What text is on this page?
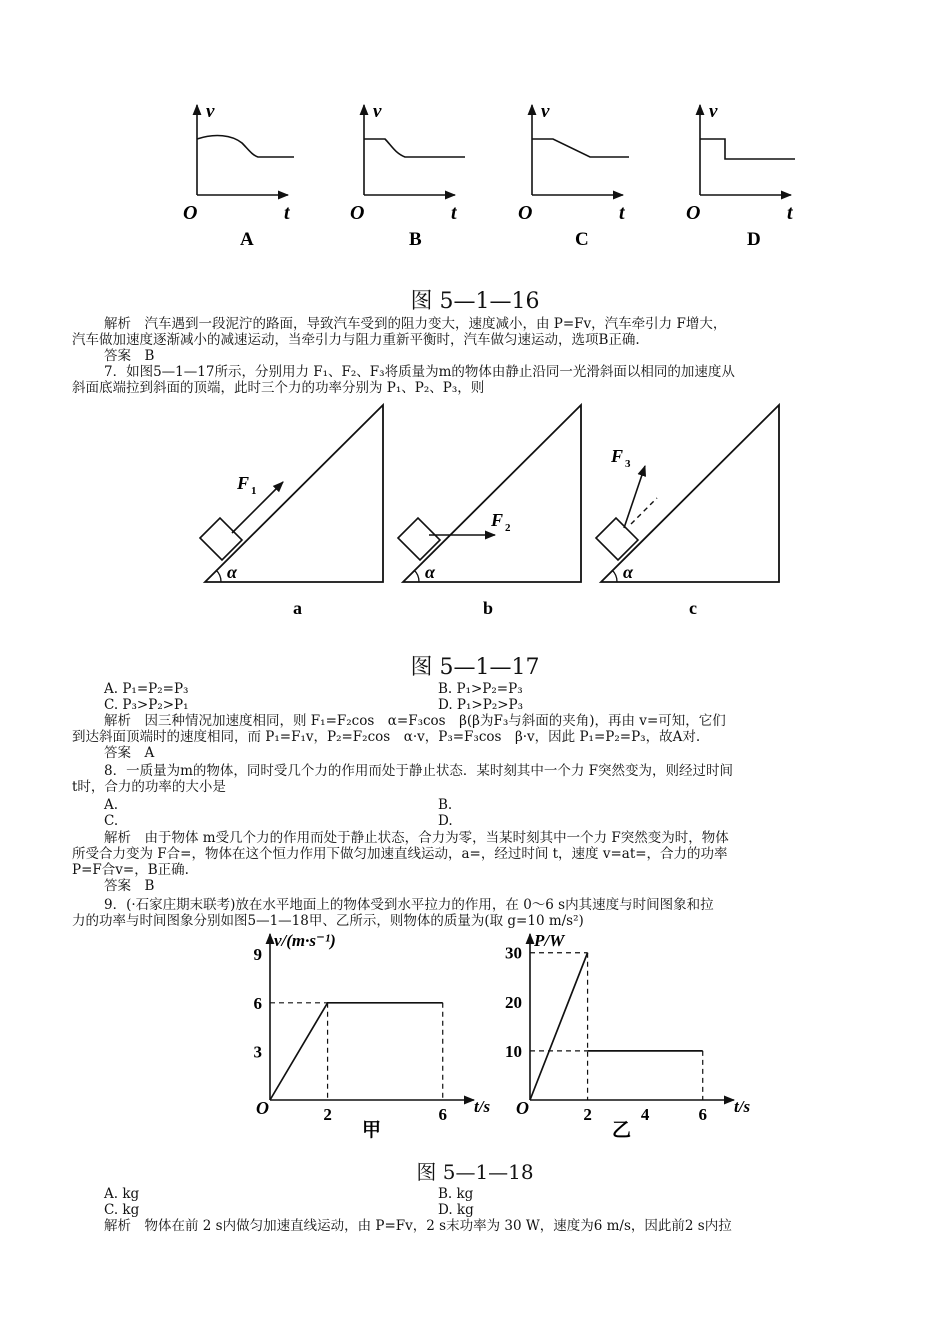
v
O	t
A
v
O	t
B
v
O	t
C
v
O	t
D
图 5—1—16
解析　汽车遇到一段泥泞的路面，导致汽车受到的阻力变大，速度减小，由 P=Fv，汽车牵引力 F增大，
汽车做加速度逐渐减小的减速运动，当牵引力与阻力重新平衡时，汽车做匀速运动，选项B正确.
答案　B
7．如图5—1—17所示，分别用力 F₁、F₂、F₃将质量为m的物体由静止沿同一光滑斜面以相同的加速度从
斜面底端拉到斜面的顶端，此时三个力的功率分别为 P₁、P₂、P₃，则
F 1
α
a
F 2
α
b
F 3
α
c
图 5—1—17
A. P₁=P₂=P₃	B. P₁>P₂=P₃
C. P₃>P₂>P₁	D. P₁>P₂>P₃
解析　因三种情况加速度相同，则 F₁=F₂cos　α=F₃cos　β(β为F₃与斜面的夹角)，再由 v=可知，它们
到达斜面顶端时的速度相同，而 P₁=F₁v，P₂=F₂cos　α·v，P₃=F₃cos　β·v，因此 P₁=P₂=P₃，故A对.
答案　A
8．一质量为m的物体，同时受几个力的作用而处于静止状态．某时刻其中一个力 F突然变为，则经过时间
t时，合力的功率的大小是
A.	B.
C.	D.
解析　由于物体 m受几个力的作用而处于静止状态，合力为零，当某时刻其中一个力 F突然变为时，物体
所受合力变为 F合=，物体在这个恒力作用下做匀加速直线运动，a=，经过时间 t，速度 v=at=，合力的功率
P=F合v=，B正确.
答案　B
9．(·石家庄期末联考)放在水平地面上的物体受到水平拉力的作用，在 0～6 s内其速度与时间图象和拉
力的功率与时间图象分别如图5—1—18甲、乙所示，则物体的质量为(取 g=10 m/s²)
v/(m·s⁻¹)
t/s
O
3
6
9
2	6
甲
P/W
t/s
O
10
20
30
2	4	6
乙
图 5—1—18
A. kg	B. kg
C. kg	D. kg
解析　物体在前 2 s内做匀加速直线运动，由 P=Fv，2 s末功率为 30 W，速度为6 m/s，因此前2 s内拉
